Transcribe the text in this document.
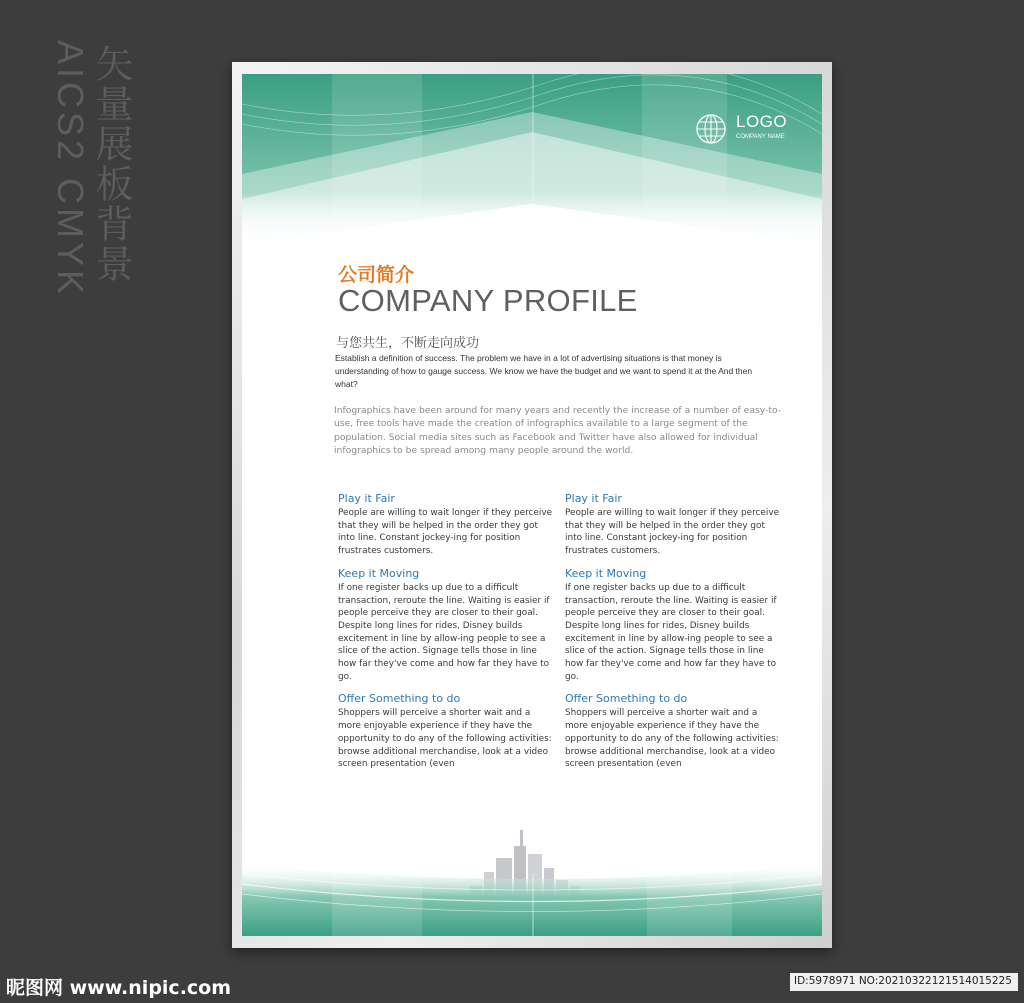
矢量展板背景
AICS2 CMYK	LOGO
COMPANY NAME
公司简介
COMPANY PROFILE
与您共生，不断走向成功
Establish a definition of success. The problem we have in a lot of advertising situations is that money is understanding of how to gauge success. We know we have the budget and we want to spend it at the And then what?
Infographics have been around for many years and recently the increase of a number of easy-to-use, free tools have made the creation of infographics available to a large segment of the population. Social media sites such as Facebook and Twitter have also allowed for individual infographics to be spread among many people around the world.
Play it Fair
People are willing to wait longer if they perceive that they will be helped in the order they got into line. Constant jockey-ing for position frustrates customers.
Keep it Moving
If one register backs up due to a difficult transaction, reroute the line. Waiting is easier if people perceive they are closer to their goal. Despite long lines for rides, Disney builds excitement in line by allow-ing people to see a slice of the action. Signage tells those in line how far they've come and how far they have to go.
Offer Something to do
Shoppers will perceive a shorter wait and a more enjoyable experience if they have the opportunity to do any of the following activities: browse additional merchandise, look at a video screen presentation (even
Play it Fair
People are willing to wait longer if they perceive that they will be helped in the order they got into line. Constant jockey-ing for position frustrates customers.
Keep it Moving
If one register backs up due to a difficult transaction, reroute the line. Waiting is easier if people perceive they are closer to their goal. Despite long lines for rides, Disney builds excitement in line by allow-ing people to see a slice of the action. Signage tells those in line how far they've come and how far they have to go.
Offer Something to do
Shoppers will perceive a shorter wait and a more enjoyable experience if they have the opportunity to do any of the following activities: browse additional merchandise, look at a video screen presentation (even
昵图网 www.nipic.com	ID:5978971 NO:20210322121514015225
